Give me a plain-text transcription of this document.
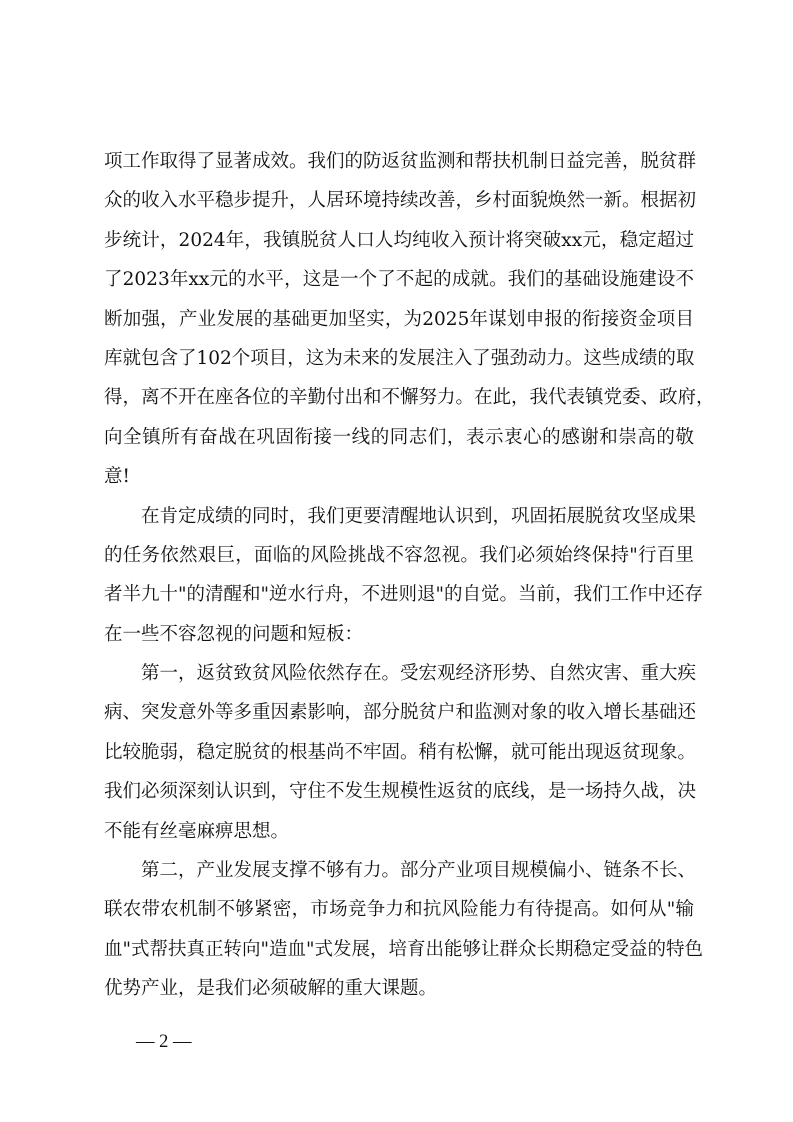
项工作取得了显著成效。我们的防返贫监测和帮扶机制日益完善，脱贫群
众的收入水平稳步提升，人居环境持续改善，乡村面貌焕然一新。根据初
步统计，2024年，我镇脱贫人口人均纯收入预计将突破xx元，稳定超过
了2023年xx元的水平，这是一个了不起的成就。我们的基础设施建设不
断加强，产业发展的基础更加坚实，为2025年谋划申报的衔接资金项目
库就包含了102个项目，这为未来的发展注入了强劲动力。这些成绩的取
得，离不开在座各位的辛勤付出和不懈努力。在此，我代表镇党委、政府，
向全镇所有奋战在巩固衔接一线的同志们，表示衷心的感谢和崇高的敬
意!
在肯定成绩的同时，我们更要清醒地认识到，巩固拓展脱贫攻坚成果
的任务依然艰巨，面临的风险挑战不容忽视。我们必须始终保持"行百里
者半九十"的清醒和"逆水行舟，不进则退"的自觉。当前，我们工作中还存
在一些不容忽视的问题和短板：
第一，返贫致贫风险依然存在。受宏观经济形势、自然灾害、重大疾
病、突发意外等多重因素影响，部分脱贫户和监测对象的收入增长基础还
比较脆弱，稳定脱贫的根基尚不牢固。稍有松懈，就可能出现返贫现象。
我们必须深刻认识到，守住不发生规模性返贫的底线，是一场持久战，决
不能有丝毫麻痹思想。
第二，产业发展支撑不够有力。部分产业项目规模偏小、链条不长、
联农带农机制不够紧密，市场竞争力和抗风险能力有待提高。如何从"输
血"式帮扶真正转向"造血"式发展，培育出能够让群众长期稳定受益的特色
优势产业，是我们必须破解的重大课题。
— 2 —
